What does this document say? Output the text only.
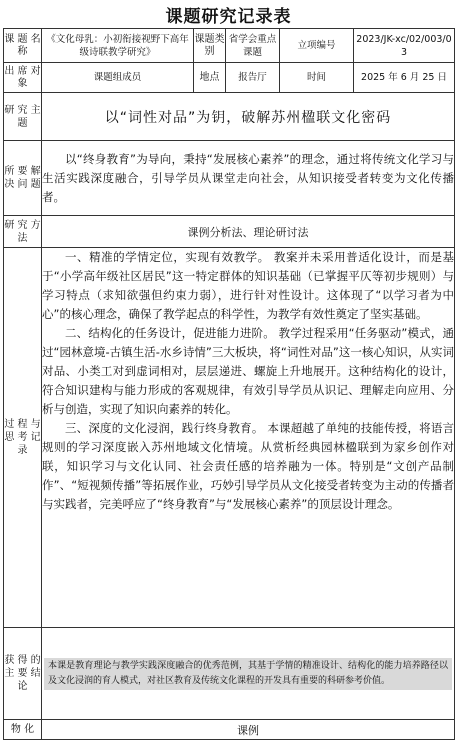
课题研究记录表
课 题 名 称	《文化母乳：小初衔接视野下高年级诗联教学研究》	课题类别	省学会重点课题	立项编号	2023/JK-xc/02/003/03
出 席 对 象	课题组成员	地点	报告厅	时间	2025 年 6 月 25 日
研 究 主 题	以“词性对品”为钥，破解苏州楹联文化密码				
所 要 解 决 问 题	以“终身教育”为导向，秉持“发展核心素养”的理念，通过将传统文化学习与生活实践深度融合，引导学员从课堂走向社会，从知识接受者转变为文化传播者。				

研 究 方 法	课例分析法、理论研讨法				
过 程 与 思 考 记 录	一、精准的学情定位，实现有效教学。 教案并未采用普适化设计，而是基于“小学高年级社区居民”这一特定群体的知识基础（已掌握平仄等初步规则）与学习特点（求知欲强但约束力弱），进行针对性设计。这体现了“以学习者为中心”的核心理念，确保了教学起点的科学性，为教学有效性奠定了坚实基础。

二、结构化的任务设计，促进能力进阶。 教学过程采用“任务驱动”模式，通过“园林意境-古镇生活-水乡诗情”三大板块，将“词性对品”这一核心知识，从实词对品、小类工对到虚词相对，层层递进、螺旋上升地展开。这种结构化的设计，符合知识建构与能力形成的客观规律，有效引导学员从识记、理解走向应用、分析与创造，实现了知识向素养的转化。

三、深度的文化浸润，践行终身教育。 本课超越了单纯的技能传授，将语言规则的学习深度嵌入苏州地域文化情境。从赏析经典园林楹联到为家乡创作对联，知识学习与文化认同、社会责任感的培养融为一体。特别是“文创产品制作”、“短视频传播”等拓展作业，巧妙引导学员从文化接受者转变为主动的传播者与实践者，完美呼应了“终身教育”与“发展核心素养”的顶层设计理念。				

获 得 的 主 要 结 论	本课是教育理论与教学实践深度融合的优秀范例，其基于学情的精准设计、结构化的能力培养路径以及文化浸润的育人模式，对社区教育及传统文化课程的开发具有重要的科研参考价值。				

物 化	课例				
